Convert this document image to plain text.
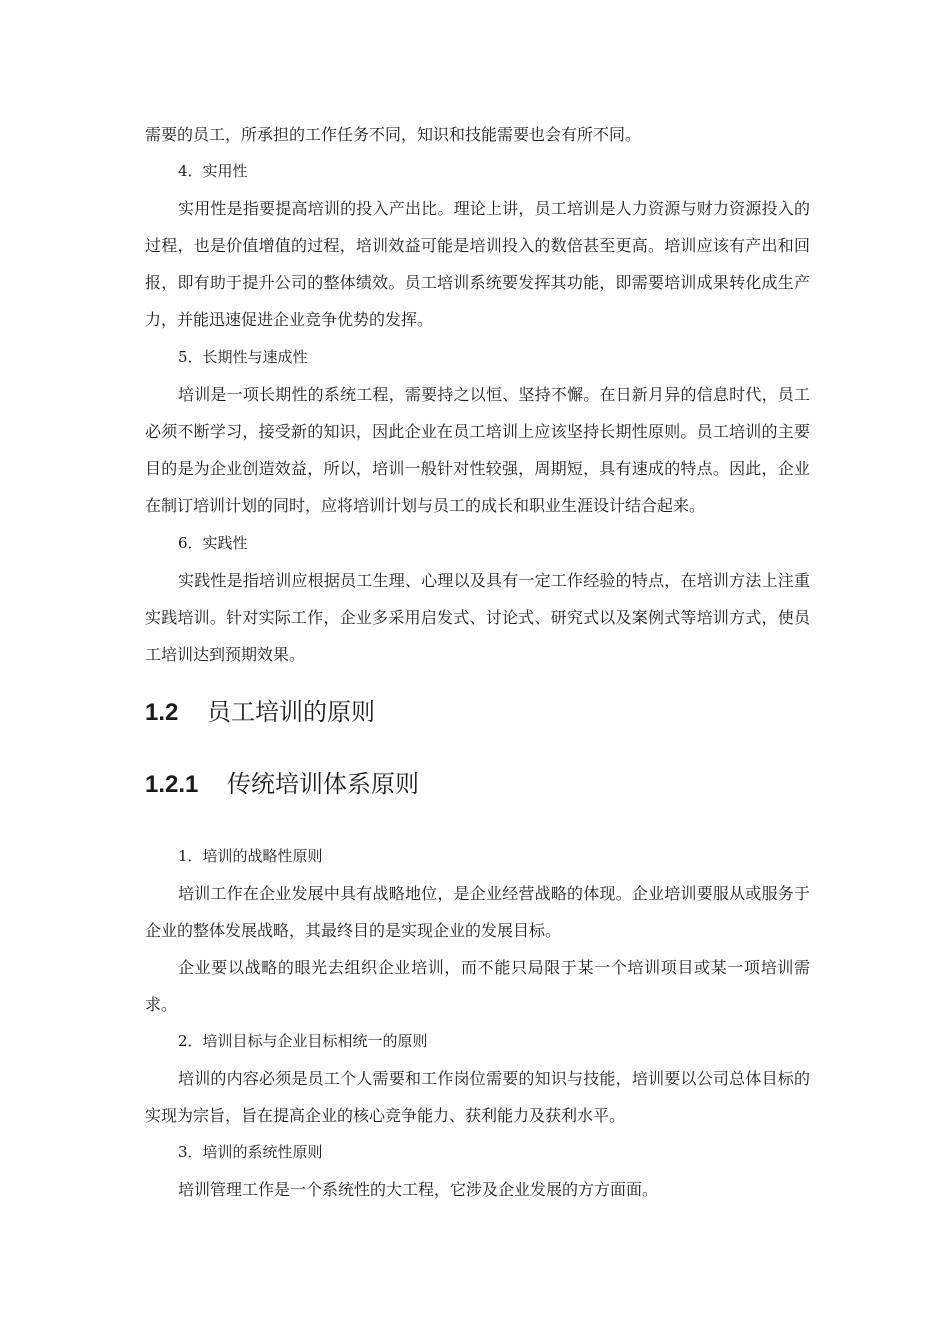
需要的员工，所承担的工作任务不同，知识和技能需要也会有所不同。

4．实用性

实用性是指要提高培训的投入产出比。理论上讲，员工培训是人力资源与财力资源投入的过程，也是价值增值的过程，培训效益可能是培训投入的数倍甚至更高。培训应该有产出和回报，即有助于提升公司的整体绩效。员工培训系统要发挥其功能，即需要培训成果转化成生产力，并能迅速促进企业竞争优势的发挥。

5．长期性与速成性

培训是一项长期性的系统工程，需要持之以恒、坚持不懈。在日新月异的信息时代，员工必须不断学习，接受新的知识，因此企业在员工培训上应该坚持长期性原则。员工培训的主要目的是为企业创造效益，所以，培训一般针对性较强，周期短，具有速成的特点。因此，企业在制订培训计划的同时，应将培训计划与员工的成长和职业生涯设计结合起来。

6．实践性

实践性是指培训应根据员工生理、心理以及具有一定工作经验的特点，在培训方法上注重实践培训。针对实际工作，企业多采用启发式、讨论式、研究式以及案例式等培训方式，使员工培训达到预期效果。

1.2 员工培训的原则
1.2.1 传统培训体系原则

1．培训的战略性原则

培训工作在企业发展中具有战略地位，是企业经营战略的体现。企业培训要服从或服务于企业的整体发展战略，其最终目的是实现企业的发展目标。

企业要以战略的眼光去组织企业培训，而不能只局限于某一个培训项目或某一项培训需求。

2．培训目标与企业目标相统一的原则

培训的内容必须是员工个人需要和工作岗位需要的知识与技能，培训要以公司总体目标的实现为宗旨，旨在提高企业的核心竞争能力、获利能力及获利水平。

3．培训的系统性原则

培训管理工作是一个系统性的大工程，它涉及企业发展的方方面面。
